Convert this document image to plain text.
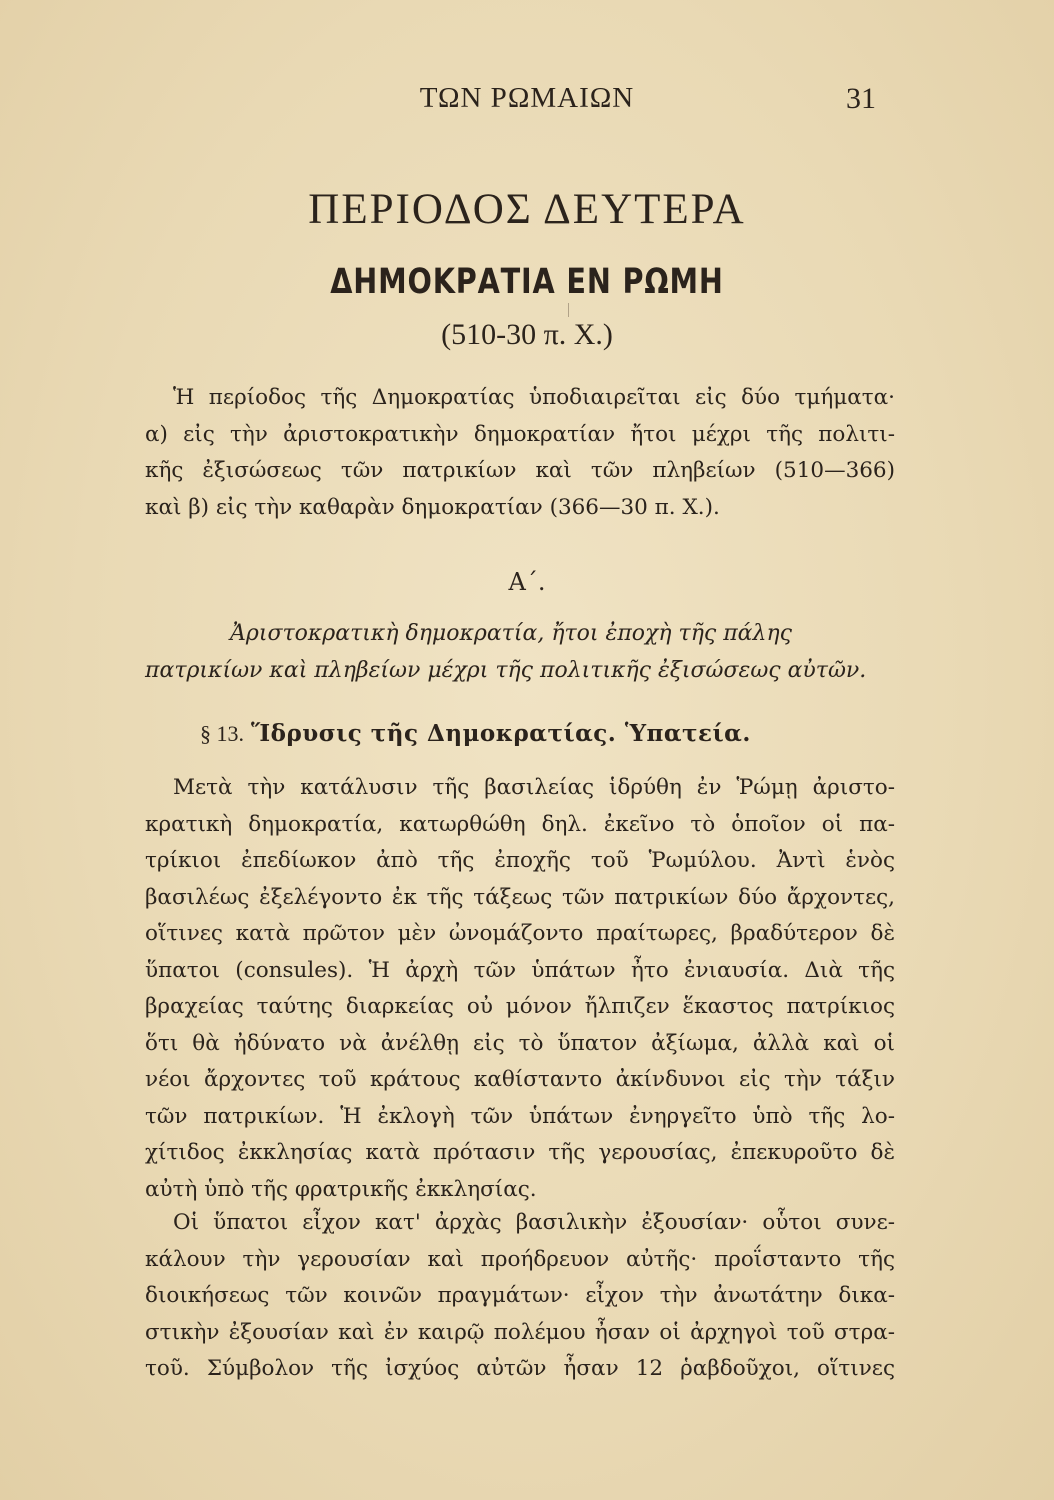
ΤΩΝ ΡΩΜΑΙΩΝ	31
ΠΕΡΙΟΔΟΣ ΔΕΥΤΕΡΑ
ΔΗΜΟΚΡΑΤΙΑ ΕΝ ΡΩΜΗ
(510-30 π. Χ.)
Ἡ περίοδος τῆς Δημοκρατίας ὑποδιαιρεῖται εἰς δύο τμήματα·
α) εἰς τὴν ἀριστοκρατικὴν δημοκρατίαν ἤτοι μέχρι τῆς πολιτι-
κῆς ἐξισώσεως τῶν πατρικίων καὶ τῶν πληβείων (510—366)
καὶ β) εἰς τὴν καθαρὰν δημοκρατίαν (366—30 π. Χ.).
Α΄.
Ἀριστοκρατικὴ δημοκρατία, ἤτοι ἐποχὴ τῆς πάλης
πατρικίων καὶ πληβείων μέχρι τῆς πολιτικῆς ἐξισώσεως αὐτῶν.
§ 13. Ἵδρυσις τῆς Δημοκρατίας. Ὑπατεία.
Μετὰ τὴν κατάλυσιν τῆς βασιλείας ἱδρύθη ἐν Ῥώμῃ ἀριστο-
κρατικὴ δημοκρατία, κατωρθώθη δηλ. ἐκεῖνο τὸ ὁποῖον οἱ πα-
τρίκιοι ἐπεδίωκον ἀπὸ τῆς ἐποχῆς τοῦ Ῥωμύλου. Ἀντὶ ἑνὸς
βασιλέως ἐξελέγοντο ἐκ τῆς τάξεως τῶν πατρικίων δύο ἄρχοντες,
οἵτινες κατὰ πρῶτον μὲν ὠνομάζοντο πραίτωρες, βραδύτερον δὲ
ὕπατοι (consules). Ἡ ἀρχὴ τῶν ὑπάτων ἦτο ἐνιαυσία. Διὰ τῆς
βραχείας ταύτης διαρκείας οὐ μόνον ἤλπιζεν ἕκαστος πατρίκιος
ὅτι θὰ ἠδύνατο νὰ ἀνέλθῃ εἰς τὸ ὕπατον ἀξίωμα, ἀλλὰ καὶ οἱ
νέοι ἄρχοντες τοῦ κράτους καθίσταντο ἀκίνδυνοι εἰς τὴν τάξιν
τῶν πατρικίων. Ἡ ἐκλογὴ τῶν ὑπάτων ἐνηργεῖτο ὑπὸ τῆς λο-
χίτιδος ἐκκλησίας κατὰ πρότασιν τῆς γερουσίας, ἐπεκυροῦτο δὲ
αὐτὴ ὑπὸ τῆς φρατρικῆς ἐκκλησίας.
Οἱ ὕπατοι εἶχον κατ' ἀρχὰς βασιλικὴν ἐξουσίαν· οὗτοι συνε-
κάλουν τὴν γερουσίαν καὶ προήδρευον αὐτῆς· προΐσταντο τῆς
διοικήσεως τῶν κοινῶν πραγμάτων· εἶχον τὴν ἀνωτάτην δικα-
στικὴν ἐξουσίαν καὶ ἐν καιρῷ πολέμου ἦσαν οἱ ἀρχηγοὶ τοῦ στρα-
τοῦ. Σύμβολον τῆς ἰσχύος αὐτῶν ἦσαν 12 ῥαβδοῦχοι, οἵτινες
